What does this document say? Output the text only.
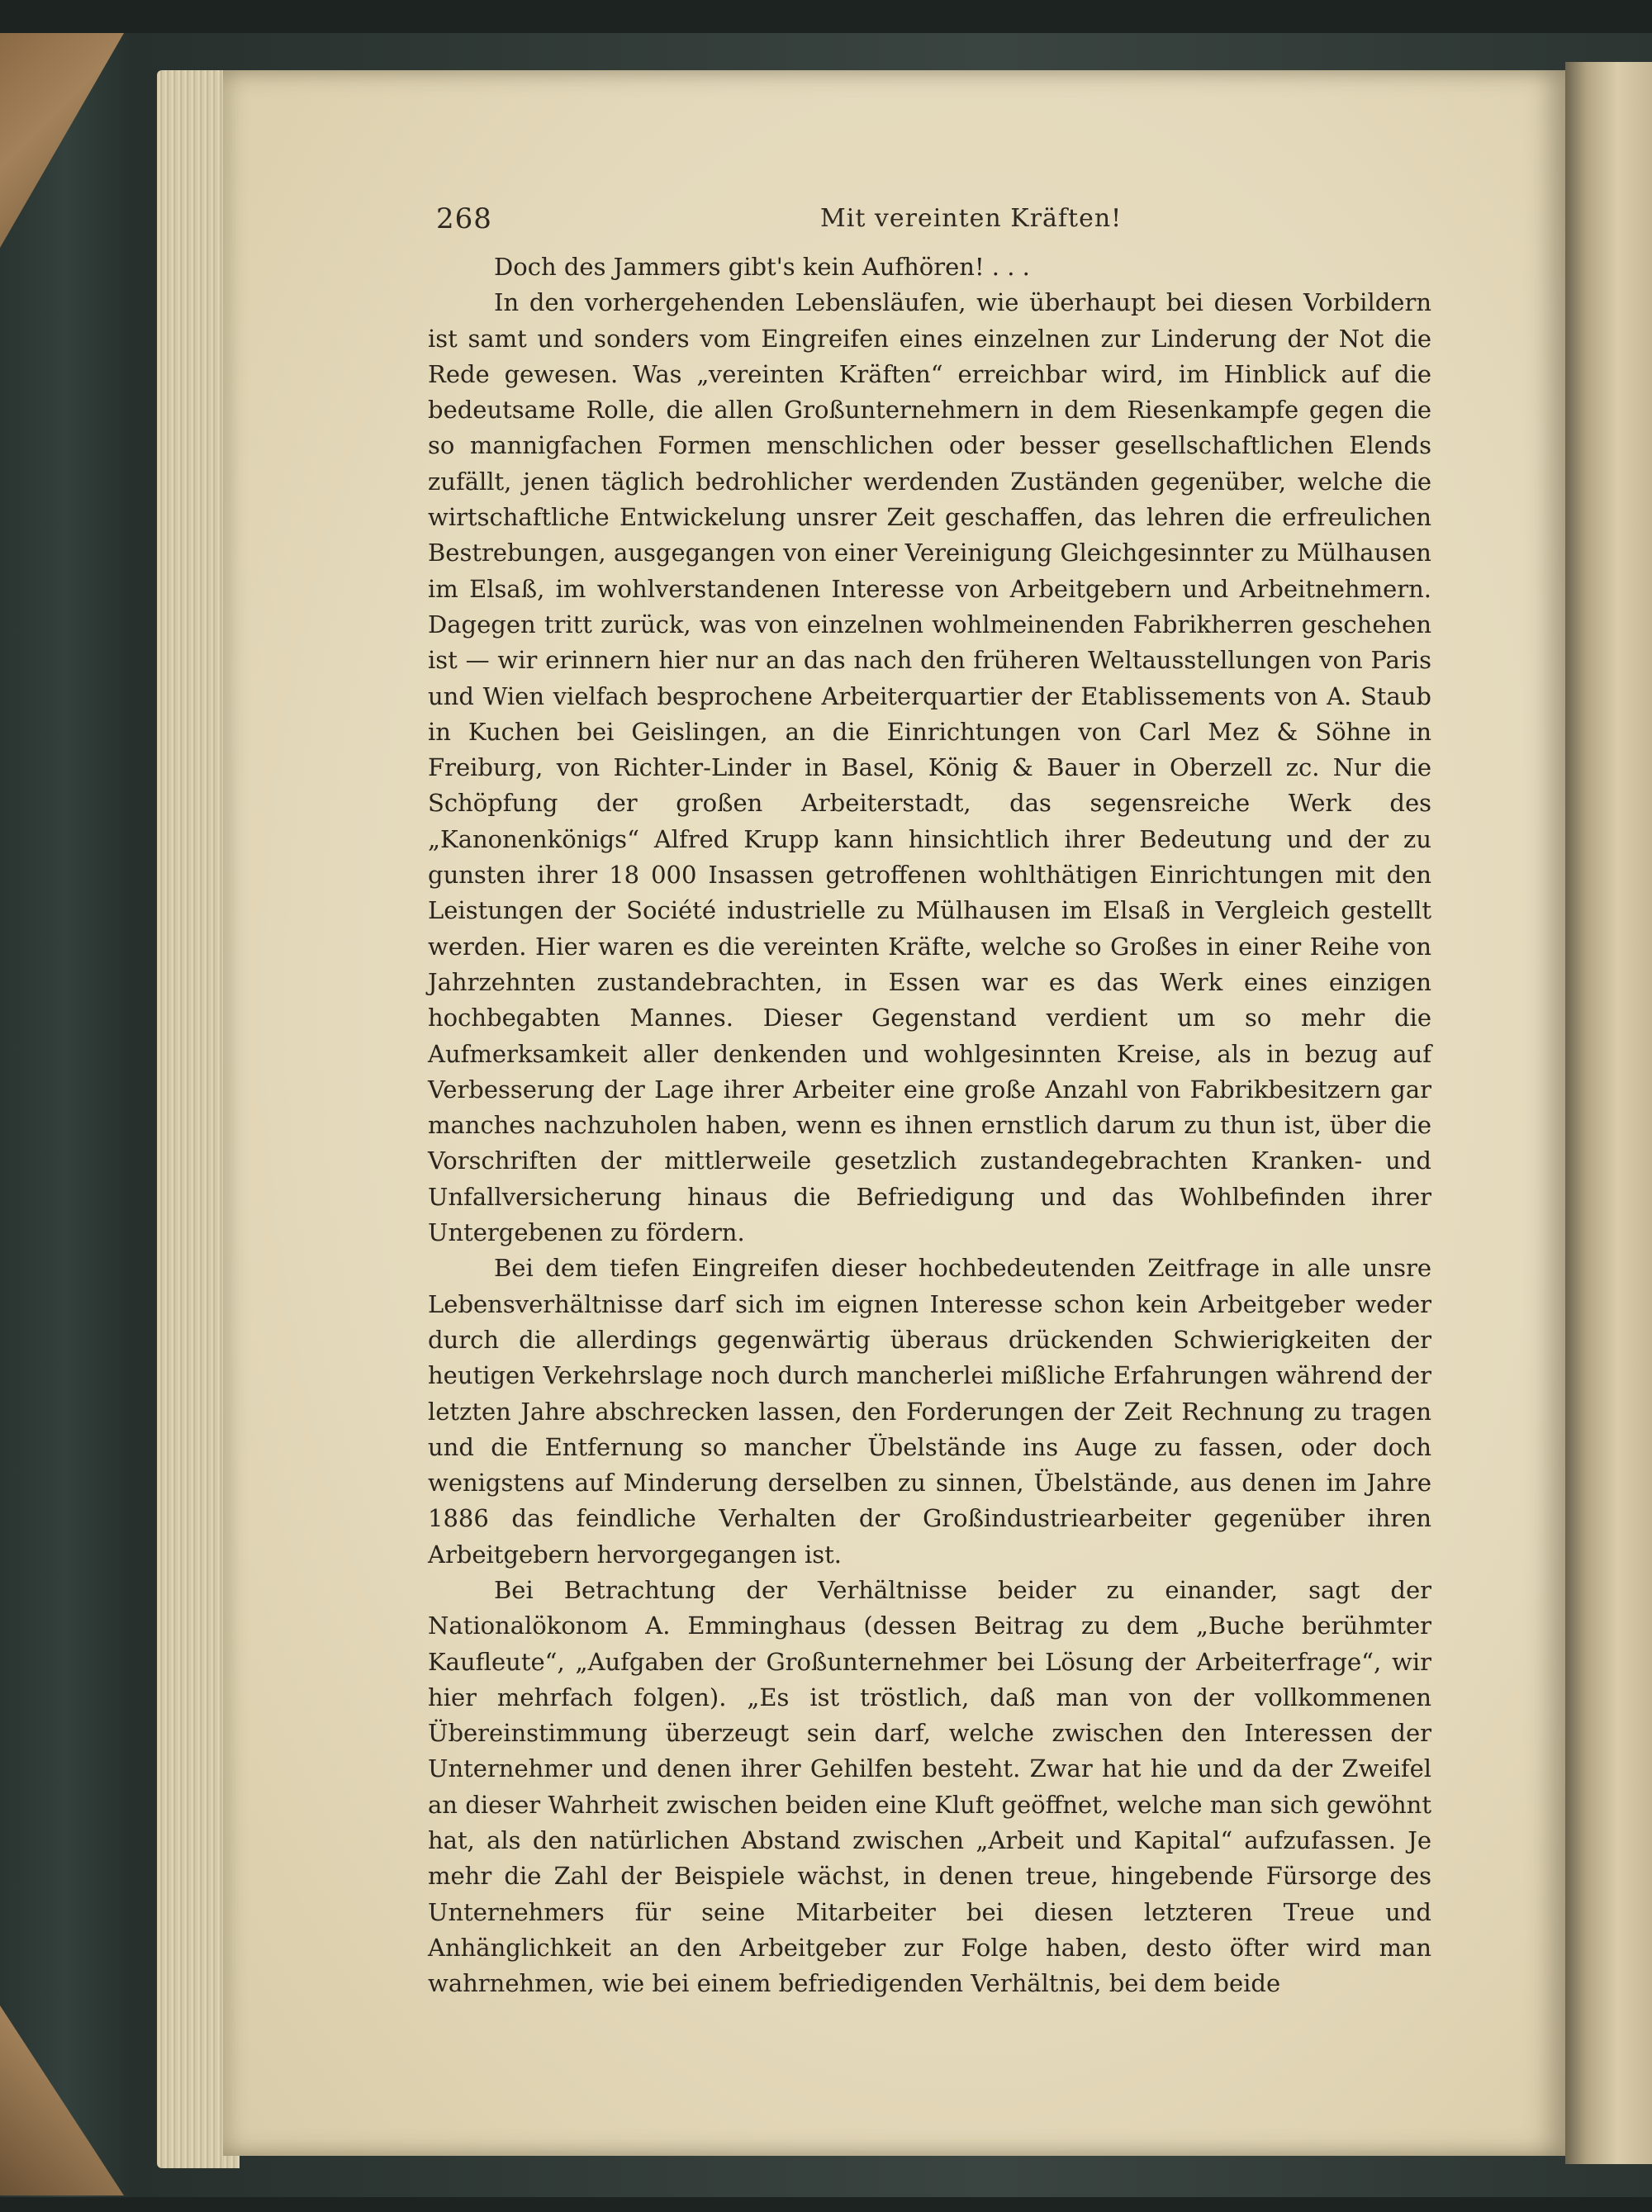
268	Mit vereinten Kräften!

Doch des Jammers gibt's kein Aufhören! . . .

In den vorhergehenden Lebensläufen, wie überhaupt bei diesen Vorbildern ist samt und sonders vom Eingreifen eines einzelnen zur Linderung der Not die Rede gewesen. Was „vereinten Kräften“ erreichbar wird, im Hinblick auf die bedeutsame Rolle, die allen Großunternehmern in dem Riesenkampfe gegen die so mannigfachen Formen menschlichen oder besser gesellschaftlichen Elends zufällt, jenen täglich bedrohlicher werdenden Zuständen gegenüber, welche die wirtschaftliche Entwickelung unsrer Zeit geschaffen, das lehren die erfreulichen Bestrebungen, ausgegangen von einer Vereinigung Gleichgesinnter zu Mülhausen im Elsaß, im wohlverstandenen Interesse von Arbeitgebern und Arbeitnehmern. Dagegen tritt zurück, was von einzelnen wohlmeinenden Fabrikherren geschehen ist — wir erinnern hier nur an das nach den früheren Weltausstellungen von Paris und Wien vielfach besprochene Arbeiterquartier der Etablissements von A. Staub in Kuchen bei Geislingen, an die Einrichtungen von Carl Mez & Söhne in Freiburg, von Richter-Linder in Basel, König & Bauer in Oberzell zc. Nur die Schöpfung der großen Arbeiterstadt, das segensreiche Werk des „Kanonenkönigs“ Alfred Krupp kann hinsichtlich ihrer Bedeutung und der zu gunsten ihrer 18 000 Insassen getroffenen wohlthätigen Einrichtungen mit den Leistungen der Société industrielle zu Mülhausen im Elsaß in Vergleich gestellt werden. Hier waren es die vereinten Kräfte, welche so Großes in einer Reihe von Jahrzehnten zustandebrachten, in Essen war es das Werk eines einzigen hochbegabten Mannes. Dieser Gegenstand verdient um so mehr die Aufmerksamkeit aller denkenden und wohlgesinnten Kreise, als in bezug auf Verbesserung der Lage ihrer Arbeiter eine große Anzahl von Fabrikbesitzern gar manches nachzuholen haben, wenn es ihnen ernstlich darum zu thun ist, über die Vorschriften der mittlerweile gesetzlich zustandegebrachten Kranken- und Unfallversicherung hinaus die Befriedigung und das Wohlbefinden ihrer Untergebenen zu fördern.

Bei dem tiefen Eingreifen dieser hochbedeutenden Zeitfrage in alle unsre Lebensverhältnisse darf sich im eignen Interesse schon kein Arbeitgeber weder durch die allerdings gegenwärtig überaus drückenden Schwierigkeiten der heutigen Verkehrslage noch durch mancherlei mißliche Erfahrungen während der letzten Jahre abschrecken lassen, den Forderungen der Zeit Rechnung zu tragen und die Entfernung so mancher Übelstände ins Auge zu fassen, oder doch wenigstens auf Minderung derselben zu sinnen, Übelstände, aus denen im Jahre 1886 das feindliche Verhalten der Großindustriearbeiter gegenüber ihren Arbeitgebern hervorgegangen ist.

Bei Betrachtung der Verhältnisse beider zu einander, sagt der Nationalökonom A. Emminghaus (dessen Beitrag zu dem „Buche berühmter Kaufleute“, „Aufgaben der Großunternehmer bei Lösung der Arbeiterfrage“, wir hier mehrfach folgen). „Es ist tröstlich, daß man von der vollkommenen Übereinstimmung überzeugt sein darf, welche zwischen den Interessen der Unternehmer und denen ihrer Gehilfen besteht. Zwar hat hie und da der Zweifel an dieser Wahrheit zwischen beiden eine Kluft geöffnet, welche man sich gewöhnt hat, als den natürlichen Abstand zwischen „Arbeit und Kapital“ aufzufassen. Je mehr die Zahl der Beispiele wächst, in denen treue, hingebende Fürsorge des Unternehmers für seine Mitarbeiter bei diesen letzteren Treue und Anhänglichkeit an den Arbeitgeber zur Folge haben, desto öfter wird man wahrnehmen, wie bei einem befriedigenden Verhältnis, bei dem beide
